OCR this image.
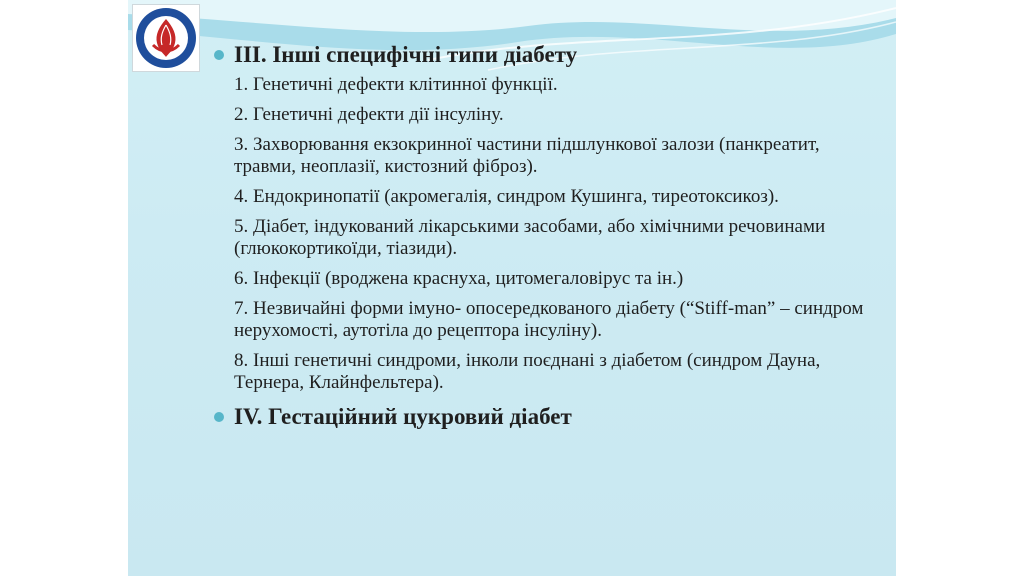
ІІІ. Інші специфічні типи діабету
1. Генетичні дефекти клітинної функції.
2. Генетичні дефекти дії інсуліну.
3. Захворювання екзокринної частини підшлункової залози (панкреатит, травми, неоплазії, кистозний фіброз).
4. Ендокринопатії (акромегалія, синдром Кушинга, тиреотоксикоз).
5. Діабет, індукований лікарськими засобами, або хімічними речовинами (глюкокортикоїди, тіазиди).
6. Інфекції (вроджена краснуха, цитомегаловірус та ін.)
7. Незвичайні форми імуно- опосередкованого діабету (“Stiff-man” – синдром нерухомості, аутотіла до рецептора інсуліну).
8. Інші генетичні синдроми, інколи поєднані з діабетом (синдром Дауна, Тернера, Клайнфельтера).
IV. Гестаційний цукровий діабет
